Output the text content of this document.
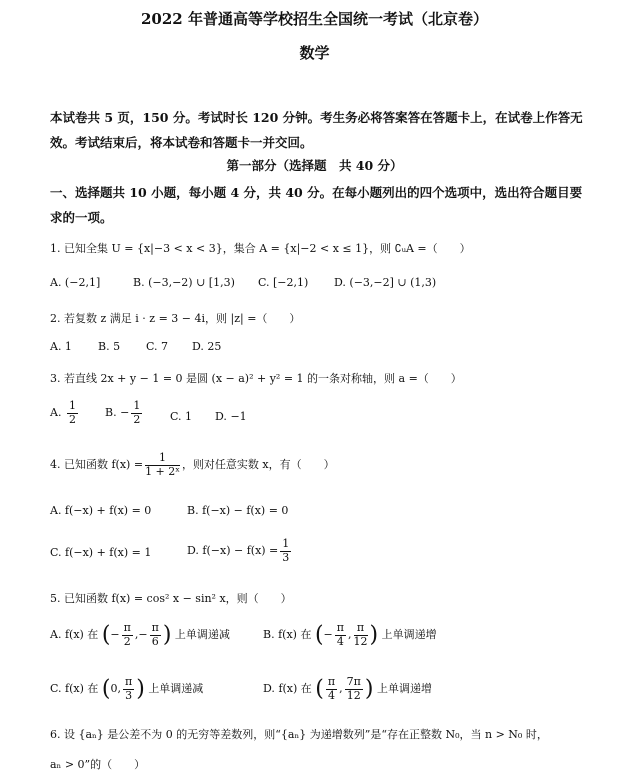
2022 年普通高等学校招生全国统一考试（北京卷）
数学
本试卷共 5 页，150 分。考试时长 120 分钟。考生务必将答案答在答题卡上，在试卷上作答无效。考试结束后，将本试卷和答题卡一并交回。
第一部分（选择题　共 40 分）
一、选择题共 10 小题，每小题 4 分，共 40 分。在每小题列出的四个选项中，选出符合题目要求的一项。
1. 已知全集 U = {x|−3 < x < 3}，集合 A = {x|−2 < x ≤ 1}，则 ∁ᵤA =（　　）
A. (−2,1]	B. (−3,−2) ∪ [1,3) C. [−2,1) D. (−3,−2] ∪ (1,3)
2. 若复数 z 满足 i · z = 3 − 4i，则 |z| =（　　）
A. 1 B. 5 C. 7 D. 25
3. 若直线 2x + y − 1 = 0 是圆 (x − a)² + y² = 1 的一条对称轴，则 a =（　　）
A. $\frac{1}{2} B$. − $\frac{1}{2}$	C. 1 D. −1
4. 已知函数 $f(x) = \frac{1}{\text{1 + 2ˣ}}$ ，则对任意实数 x，有（　　）
A. f(−x) + f(x) = 0	B. f(−x) − f(x) = 0
C. f(−x) + f(x) = 1	D. $f(-x) - f(x) = \frac{1}{3}$
5. 已知函数 f(x) = cos² x − sin² x，则（　　）
A. f(x) 在 (− $\frac{\pi}{2}$ ,− $\frac{\pi}{6}$ ) 上单调递减	B. f(x) 在 (− $\frac{\pi}{4}$ , $\frac{\pi}{12}$ ) 上单调递增
C. f(x) 在 (0, $\frac{\pi}{3}$ ) 上单调递减	D. f(x) 在 ( $\frac{\pi}{4}$ , $\frac{7\pi}{12}$ ) 上单调递增
6. 设 {aₙ} 是公差不为 0 的无穷等差数列，则“{aₙ} 为递增数列”是“存在正整数 N₀，当 n > N₀ 时，
aₙ > 0”的（　　）
